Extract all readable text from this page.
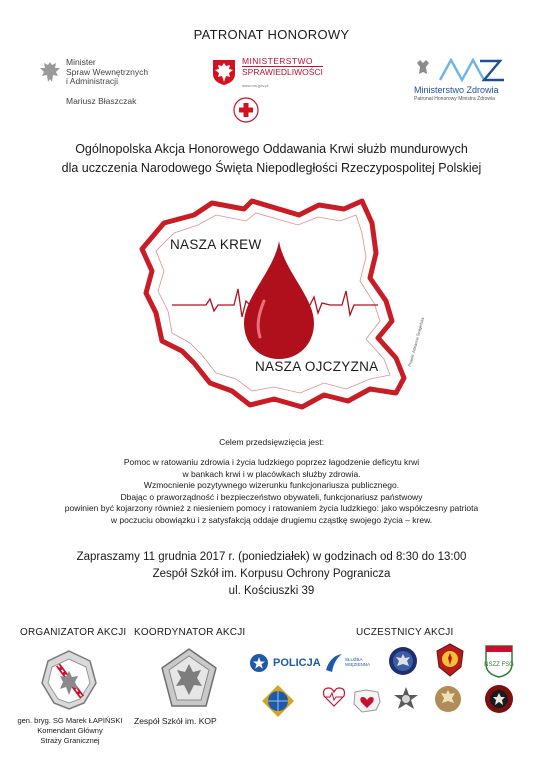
PATRONAT HONOROWY
Minister
Spraw Wewnętrznych
i Administracji
Mariusz Błaszczak
MINISTERSTWO
SPRAWIEDLIWOŚCI
www.ms.gov.pl	Ministerstwo Zdrowia
Patronat Honorowy Ministra Zdrowia
Ogólnopolska Akcja Honorowego Oddawania Krwi służb mundurowych
dla uczczenia Narodowego Święta Niepodległości Rzeczypospolitej Polskiej
NASZA KREW
NASZA OJCZYZNA	Projekt: Adrianna Śmigielska
Celem przedsięwzięcia jest:
Pomoc w ratowaniu zdrowia i życia ludzkiego poprzez łagodzenie deficytu krwi
w bankach krwi i w placówkach służby zdrowia.
Wzmocnienie pozytywnego wizerunku funkcjonariusza publicznego.
Dbając o praworządność i bezpieczeństwo obywateli, funkcjonariusz państwowy
powinien być kojarzony również z niesieniem pomocy i ratowaniem życia ludzkiego: jako współczesny patriota
w poczuciu obowiązku i z satysfakcją oddaje drugiemu cząstkę swojego życia – krew.
Zapraszamy 11 grudnia 2017 r. (poniedziałek) w godzinach od 8:30 do 13:00
Zespół Szkół im. Korpusu Ochrony Pogranicza
ul. Kościuszki 39
ORGANIZATOR AKCJI KOORDYNATOR AKCJI	UCZESTNICY AKCJI
gen. bryg. SG Marek ŁAPIŃSKI
Komendant Główny
Straży Granicznej
Zespół Szkół im. KOP
POLICJA	SŁUŻBA WIĘZIENNA	NSZZ FSG
